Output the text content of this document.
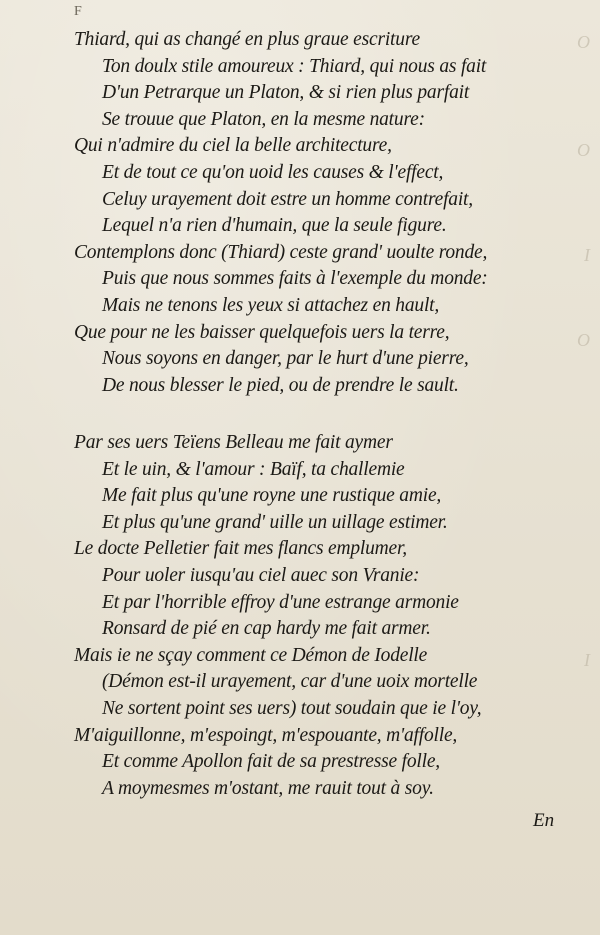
F
O
O
I
O
I
Thiard, qui as changé en plus graue escriture
Ton doulx stile amoureux : Thiard, qui nous as fait
D'un Petrarque un Platon, & si rien plus parfait
Se trouue que Platon, en la mesme nature:
Qui n'admire du ciel la belle architecture,
Et de tout ce qu'on uoid les causes & l'effect,
Celuy urayement doit estre un homme contrefait,
Lequel n'a rien d'humain, que la seule figure.
Contemplons donc (Thiard) ceste grand' uoulte ronde,
Puis que nous sommes faits à l'exemple du monde:
Mais ne tenons les yeux si attachez en hault,
Que pour ne les baisser quelquefois uers la terre,
Nous soyons en danger, par le hurt d'une pierre,
De nous blesser le pied, ou de prendre le sault.
Par ses uers Teïens Belleau me fait aymer
Et le uin, & l'amour : Baïf, ta challemie
Me fait plus qu'une royne une rustique amie,
Et plus qu'une grand' uille un uillage estimer.
Le docte Pelletier fait mes flancs emplumer,
Pour uoler iusqu'au ciel auec son Vranie:
Et par l'horrible effroy d'une estrange armonie
Ronsard de pié en cap hardy me fait armer.
Mais ie ne sçay comment ce Démon de Iodelle
(Démon est-il urayement, car d'une uoix mortelle
Ne sortent point ses uers) tout soudain que ie l'oy,
M'aiguillonne, m'espoingt, m'espouante, m'affolle,
Et comme Apollon fait de sa prestresse folle,
A moymesmes m'ostant, me rauit tout à soy.
En
